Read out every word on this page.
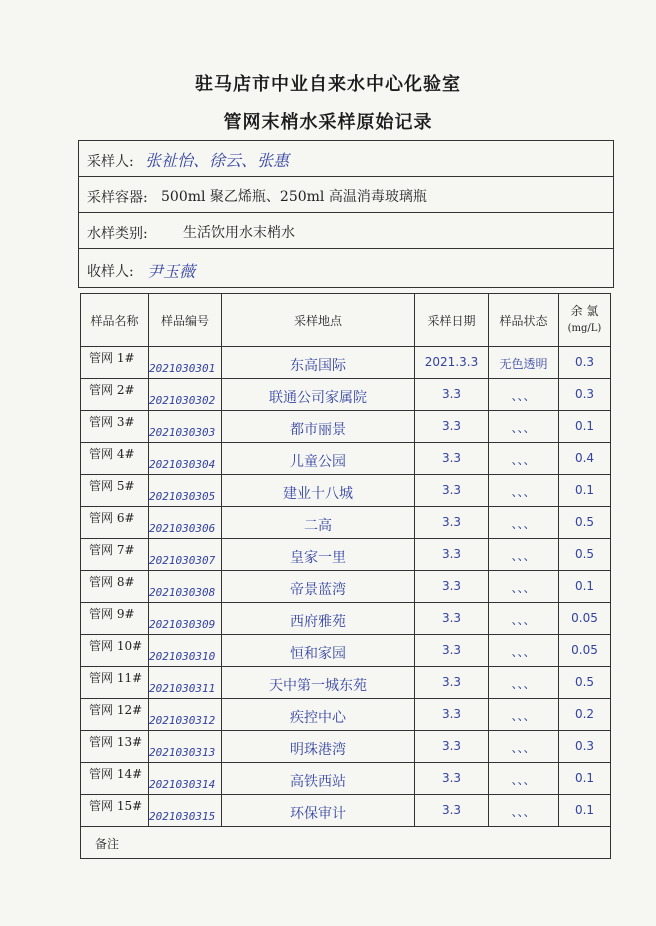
驻马店市中业自来水中心化验室
管网末梢水采样原始记录
采样人: 张祉怡、徐云、张惠
采样容器: 500ml 聚乙烯瓶、250ml 高温消毒玻璃瓶
水样类别:	生活饮用水末梢水
收样人: 尹玉薇
样品名称	样品编号	采样地点	采样日期	样品状态	余 氯
(mg/L)

管网 1#	2021030301	东高国际	2021.3.3	无色透明	0.3

管网 2#	2021030302	联通公司家属院	3.3	、、、	0.3

管网 3#	2021030303	都市丽景	3.3	、、、	0.1

管网 4#	2021030304	儿童公园	3.3	、、、	0.4

管网 5#	2021030305	建业十八城	3.3	、、、	0.1

管网 6#	2021030306	二高	3.3	、、、	0.5

管网 7#	2021030307	皇家一里	3.3	、、、	0.5

管网 8#	2021030308	帝景蓝湾	3.3	、、、	0.1

管网 9#	2021030309	西府雅苑	3.3	、、、	0.05

管网 10#	2021030310	恒和家园	3.3	、、、	0.05

管网 11#	2021030311	天中第一城东苑	3.3	、、、	0.5

管网 12#	2021030312	疾控中心	3.3	、、、	0.2

管网 13#	2021030313	明珠港湾	3.3	、、、	0.3

管网 14#	2021030314	高铁西站	3.3	、、、	0.1

管网 15#	2021030315	环保审计	3.3	、、、	0.1

备注					
